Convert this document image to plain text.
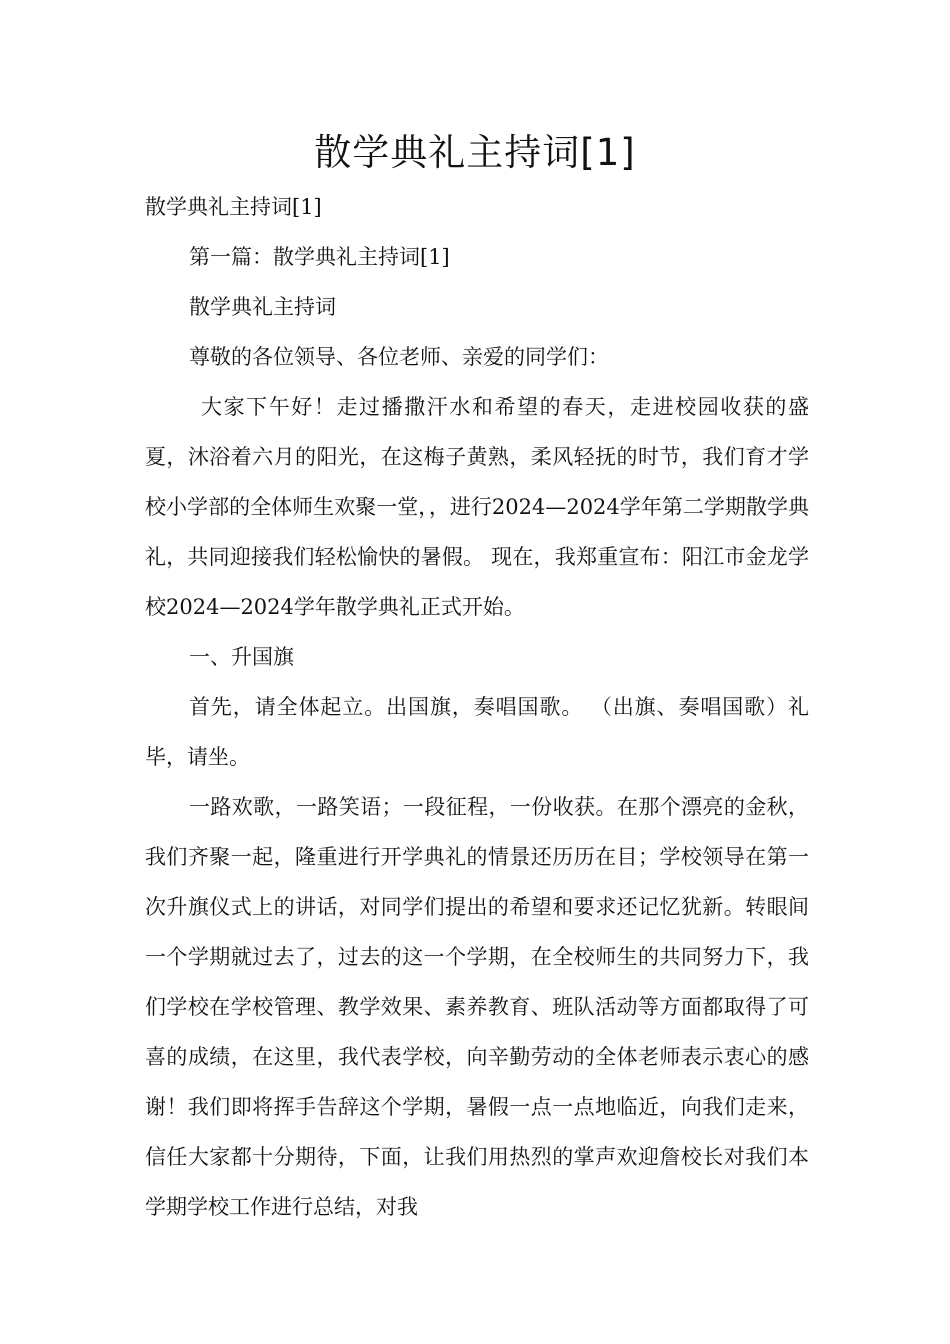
散学典礼主持词[1]

散学典礼主持词[1]

第一篇：散学典礼主持词[1]

散学典礼主持词

尊敬的各位领导、各位老师、亲爱的同学们：

大家下午好！走过播撒汗水和希望的春天，走进校园收获的盛夏，沐浴着六月的阳光，在这梅子黄熟，柔风轻抚的时节，我们育才学校小学部的全体师生欢聚一堂，，进行2024—2024学年第二学期散学典礼，共同迎接我们轻松愉快的暑假。 现在，我郑重宣布：阳江市金龙学校2024—2024学年散学典礼正式开始。

一、升国旗

首先，请全体起立。出国旗，奏唱国歌。 （出旗、奏唱国歌）礼毕，请坐。

一路欢歌，一路笑语；一段征程，一份收获。在那个漂亮的金秋，我们齐聚一起，隆重进行开学典礼的情景还历历在目；学校领导在第一次升旗仪式上的讲话，对同学们提出的希望和要求还记忆犹新。转眼间一个学期就过去了，过去的这一个学期，在全校师生的共同努力下，我们学校在学校管理、教学效果、素养教育、班队活动等方面都取得了可喜的成绩，在这里，我代表学校，向辛勤劳动的全体老师表示衷心的感谢！我们即将挥手告辞这个学期，暑假一点一点地临近，向我们走来，信任大家都十分期待，下面，让我们用热烈的掌声欢迎詹校长对我们本学期学校工作进行总结，对我
